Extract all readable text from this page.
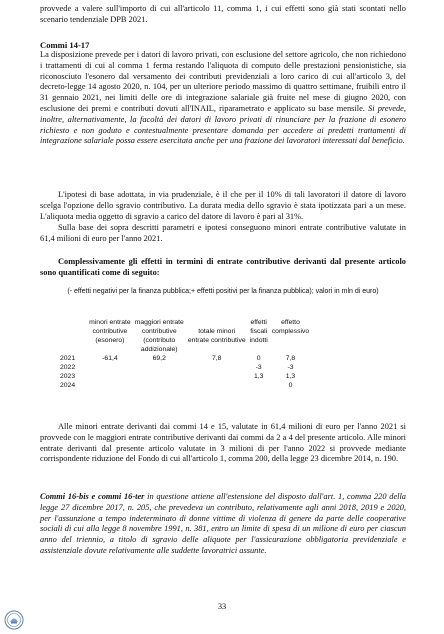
provvede a valere sull'importo di cui all'articolo 11, comma 1, i cui effetti sono già stati scontati nello scenario tendenziale DPB 2021.

Commi 14-17

La disposizione prevede per i datori di lavoro privati, con esclusione del settore agricolo, che non richiedono i trattamenti di cui al comma 1 ferma restando l'aliquota di computo delle prestazioni pensionistiche, sia riconosciuto l'esonero dal versamento dei contributi previdenziali a loro carico di cui all'articolo 3, del decreto-legge 14 agosto 2020, n. 104, per un ulteriore periodo massimo di quattro settimane, fruibili entro il 31 gennaio 2021, nei limiti delle ore di integrazione salariale già fruite nel mese di giugno 2020, con esclusione dei premi e contributi dovuti all'INAIL, riparametrato e applicato su base mensile. Si prevede, inoltre, alternativamente, la facoltà dei datori di lavoro privati di rinunciare per la frazione di esonero richiesto e non goduto e contestualmente presentare domanda per accedere ai predetti trattamenti di integrazione salariale possa essere esercitata anche per una frazione dei lavoratori interessati dal beneficio.

L'ipotesi di base adottata, in via prudenziale, è il che per il 10% di tali lavoratori il datore di lavoro scelga l'opzione dello sgravio contributivo. La durata media dello sgravio è stata ipotizzata pari a un mese. L'aliquota media oggetto di sgravio a carico del datore di lavoro è pari al 31%.

Sulla base dei sopra descritti parametri e ipotesi conseguono minori entrate contributive valutate in 61,4 milioni di euro per l'anno 2021.

Complessivamente gli effetti in termini di entrate contributive derivanti dal presente articolo sono quantificati come di seguito:

(- effetti negativi per la finanza pubblica;+ effetti positivi per la finanza pubblica); valori in mln di euro)

	minori entrate	maggiori entrate		effetti	effetto
	contributive	contributive	totale minori	fiscali	complessivo
	(esonero)	(contributo	entrate contributive	indotti	
		addizionale)			
2021	-61,4	69,2	7,8	0	7,8
2022				-3	-3
2023				1,3	1,3
2024					0

Alle minori entrate derivanti dai commi 14 e 15, valutate in 61,4 milioni di euro per l'anno 2021 si provvede con le maggiori entrate contributive derivanti dai commi da 2 a 4 del presente articolo. Alle minori entrate derivanti dal presente articolo valutate in 3 milioni di per l'anno 2022 si provvede mediante corrispondente riduzione del Fondo di cui all'articolo 1, comma 200, della legge 23 dicembre 2014, n. 190.

Commi 16-bis e commi 16-ter in questione attiene all'estensione del disposto dall'art. 1, comma 220 della legge 27 dicembre 2017, n. 205, che prevedeva un contributo, relativamente agli anni 2018, 2019 e 2020, per l'assunzione a tempo indeterminato di donne vittime di violenza di genere da parte delle cooperative sociali di cui alla legge 8 novembre 1991, n. 381, entro un limite di spesa di un milione di euro per ciascun anno del triennio, a titolo di sgravio delle aliquote per l'assicurazione obbligatoria previdenziale e assistenziale dovute relativamente alle suddette lavoratrici assunte.

33
